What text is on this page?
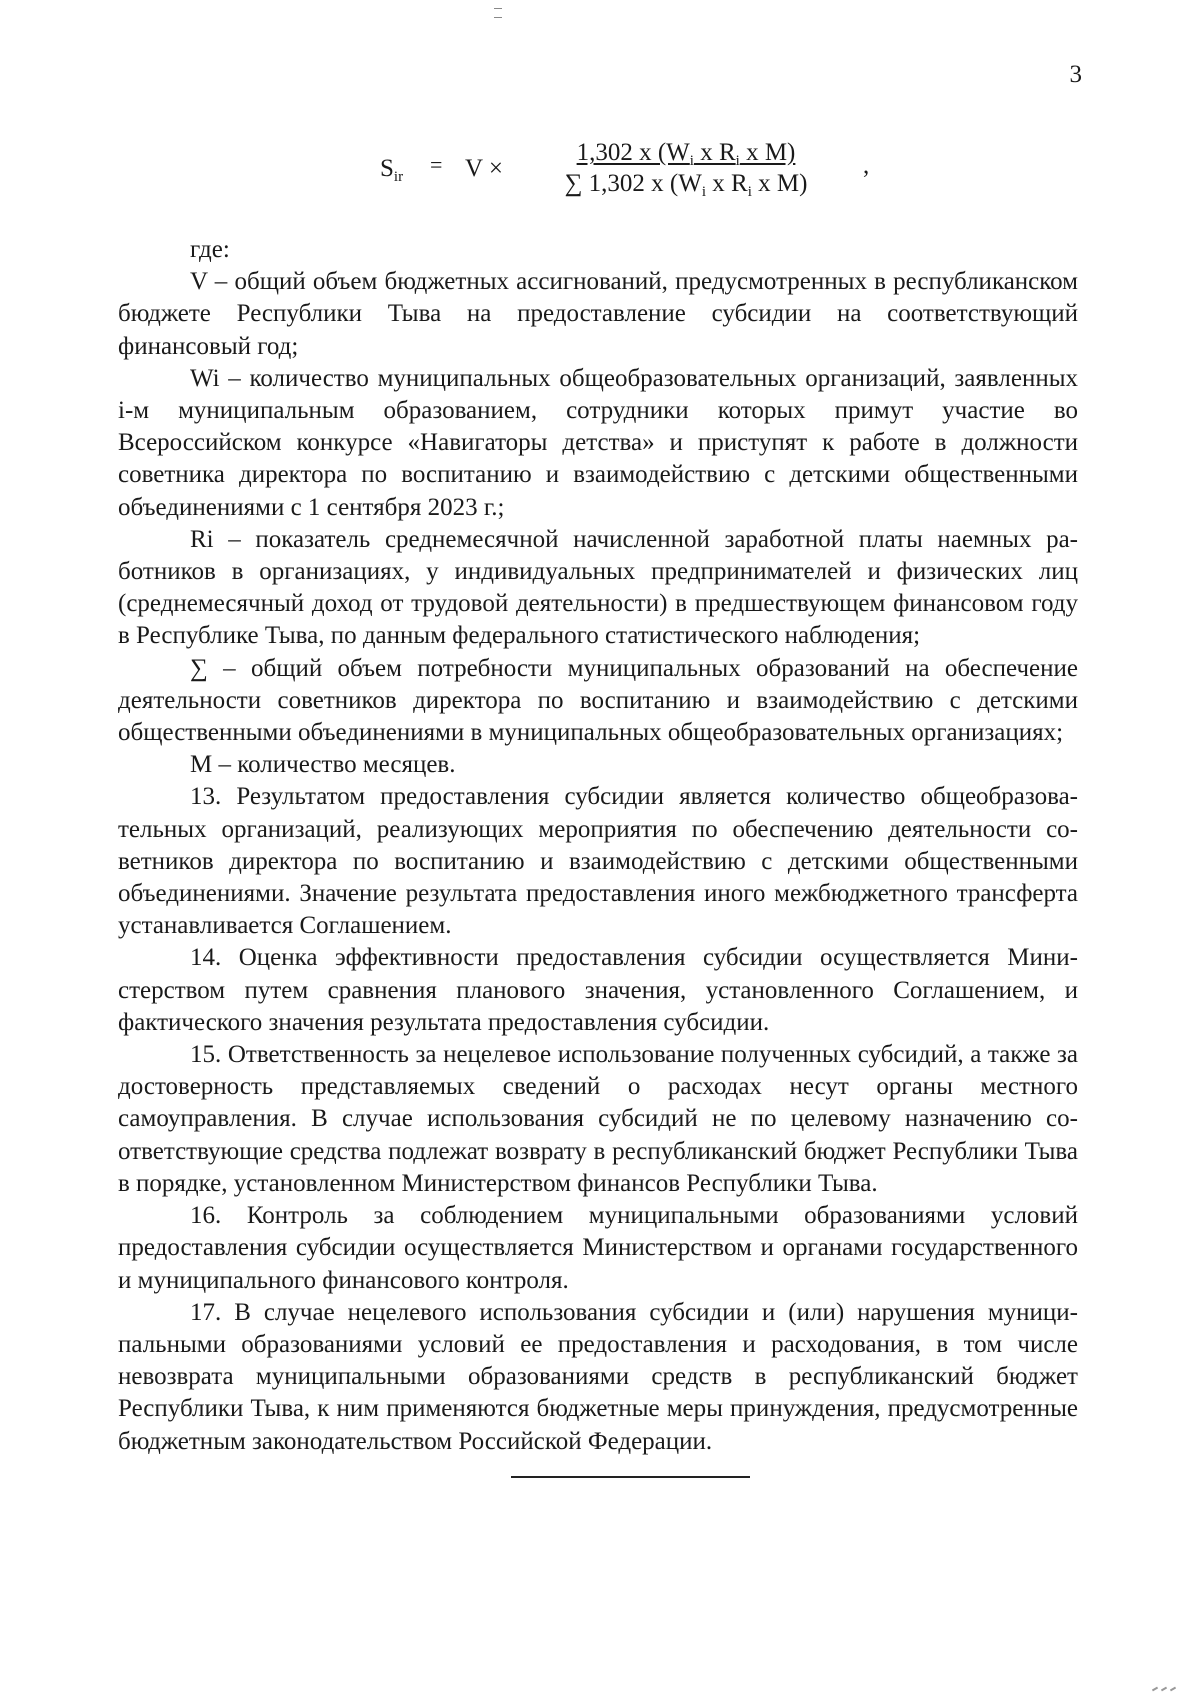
3
$S_{ir} = V$ ×
1,302 x ($W_i$ x $R_i$ x M)
∑ 1,302 x ($W_i$ x $R_i$ x M)
,

где:

V – общий объем бюджетных ассигнований, предусмотренных в республиканском бюджете Республики Тыва на предоставление субсидии на соответствующий финансовый год;

Wi – количество муниципальных общеобразовательных организаций, заявленных i-м муниципальным образованием, сотрудники которых примут участие во Всероссийском конкурсе «Навигаторы детства» и приступят к работе в должности советника директора по воспитанию и взаимодействию с детскими общественными объединениями с 1 сентября 2023 г.;

Ri – показатель среднемесячной начисленной заработной платы наемных работников в организациях, у индивидуальных предпринимателей и физических лиц (среднемесячный доход от трудовой деятельности) в предшествующем финансовом году в Республике Тыва, по данным федерального статистического наблюдения;

∑ – общий объем потребности муниципальных образований на обеспечение деятельности советников директора по воспитанию и взаимодействию с детскими общественными объединениями в муниципальных общеобразовательных организациях;

М – количество месяцев.

13. Результатом предоставления субсидии является количество общеобразовательных организаций, реализующих мероприятия по обеспечению деятельности советников директора по воспитанию и взаимодействию с детскими общественными объединениями. Значение результата предоставления иного межбюджетного трансферта устанавливается Соглашением.

14. Оценка эффективности предоставления субсидии осуществляется Министерством путем сравнения планового значения, установленного Соглашением, и фактического значения результата предоставления субсидии.

15. Ответственность за нецелевое использование полученных субсидий, а также за достоверность представляемых сведений о расходах несут органы местного самоуправления. В случае использования субсидий не по целевому назначению соответствующие средства подлежат возврату в республиканский бюджет Республики Тыва в порядке, установленном Министерством финансов Республики Тыва.

16. Контроль за соблюдением муниципальными образованиями условий предоставления субсидии осуществляется Министерством и органами государственного и муниципального финансового контроля.

17. В случае нецелевого использования субсидии и (или) нарушения муниципальными образованиями условий ее предоставления и расходования, в том числе невозврата муниципальными образованиями средств в республиканский бюджет Республики Тыва, к ним применяются бюджетные меры принуждения, предусмотренные бюджетным законодательством Российской Федерации.
